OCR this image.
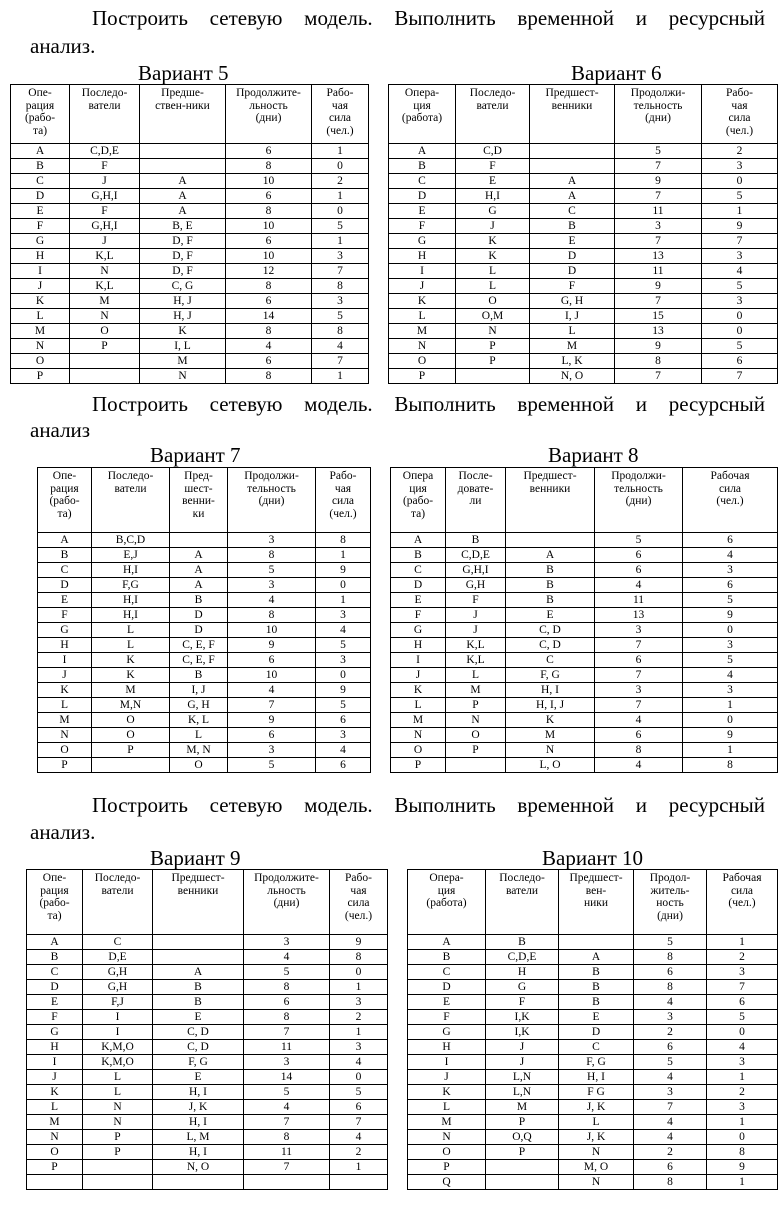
Построить сетевую модель. Выполнить временной и ресурсный
анализ.
Вариант 5	Вариант 6
Опе-
рация
(рабо-
та)	Последо-
ватели	Предше-
ствен-ники	Продолжите-
льность
(дни)	Рабо-
чая
сила
(чел.)		Опера-
ция
(работа)	Последо-
ватели	Предшест-
венники	Продолжи-
тельность
(дни)	Рабо-
чая
сила
(чел.)
A	C,D,E		6	1		A	C,D		5	2
B	F		8	0		B	F		7	3
C	J	A	10	2		C	E	A	9	0
D	G,H,I	A	6	1		D	H,I	A	7	5
E	F	A	8	0		E	G	C	11	1
F	G,H,I	B, E	10	5		F	J	B	3	9
G	J	D, F	6	1		G	K	E	7	7
H	K,L	D, F	10	3		H	K	D	13	3
I	N	D, F	12	7		I	L	D	11	4
J	K,L	C, G	8	8		J	L	F	9	5
K	M	H, J	6	3		K	O	G, H	7	3
L	N	H, J	14	5		L	O,M	I, J	15	0
M	O	K	8	8		M	N	L	13	0
N	P	I, L	4	4		N	P	M	9	5
O		M	6	7		O	P	L, K	8	6
P		N	8	1		P		N, O	7	7
Построить сетевую модель. Выполнить временной и ресурсный
анализ
Вариант 7	Вариант 8
Опе-
рация
(рабо-
та)	Последо-
ватели	Пред-
шест-
венни-
ки	Продолжи-
тельность
(дни)	Рабо-
чая
сила
(чел.)		Опера
ция
(рабо-
та)	После-
довате-
ли	Предшест-
венники	Продолжи-
тельность
(дни)	Рабочая
сила
(чел.)
A	B,C,D		3	8		A	B		5	6
B	E,J	A	8	1		B	C,D,E	A	6	4
C	H,I	A	5	9		C	G,H,I	B	6	3
D	F,G	A	3	0		D	G,H	B	4	6
E	H,I	B	4	1		E	F	B	11	5
F	H,I	D	8	3		F	J	E	13	9
G	L	D	10	4		G	J	C, D	3	0
H	L	C, E, F	9	5		H	K,L	C, D	7	3
I	K	C, E, F	6	3		I	K,L	C	6	5
J	K	B	10	0		J	L	F, G	7	4
K	M	I, J	4	9		K	M	H, I	3	3
L	M,N	G, H	7	5		L	P	H, I, J	7	1
M	O	K, L	9	6		M	N	K	4	0
N	O	L	6	3		N	O	M	6	9
O	P	M, N	3	4		O	P	N	8	1
P		O	5	6		P		L, O	4	8
Построить сетевую модель. Выполнить временной и ресурсный
анализ.
Вариант 9	Вариант 10
Опе-
рация
(рабо-
та)	Последо-
ватели	Предшест-
венники	Продолжите-
льность
(дни)	Рабо-
чая
сила
(чел.)		Опера-
ция
(работа)	Последо-
ватели	Предшест-
вен-
ники	Продол-
житель-
ность
(дни)	Рабочая
сила
(чел.)
A	C		3	9		A	B		5	1
B	D,E		4	8		B	C,D,E	A	8	2
C	G,H	A	5	0		C	H	B	6	3
D	G,H	B	8	1		D	G	B	8	7
E	F,J	B	6	3		E	F	B	4	6
F	I	E	8	2		F	I,K	E	3	5
G	I	C, D	7	1		G	I,K	D	2	0
H	K,M,O	C, D	11	3		H	J	C	6	4
I	K,M,O	F, G	3	4		I	J	F, G	5	3
J	L	E	14	0		J	L,N	H, I	4	1
K	L	H, I	5	5		K	L,N	F G	3	2
L	N	J, K	4	6		L	M	J, K	7	3
M	N	H, I	7	7		M	P	L	4	1
N	P	L, M	8	4		N	O,Q	J, K	4	0
O	P	H, I	11	2		O	P	N	2	8
P		N, O	7	1		P		M, O	6	9
						Q		N	8	1
